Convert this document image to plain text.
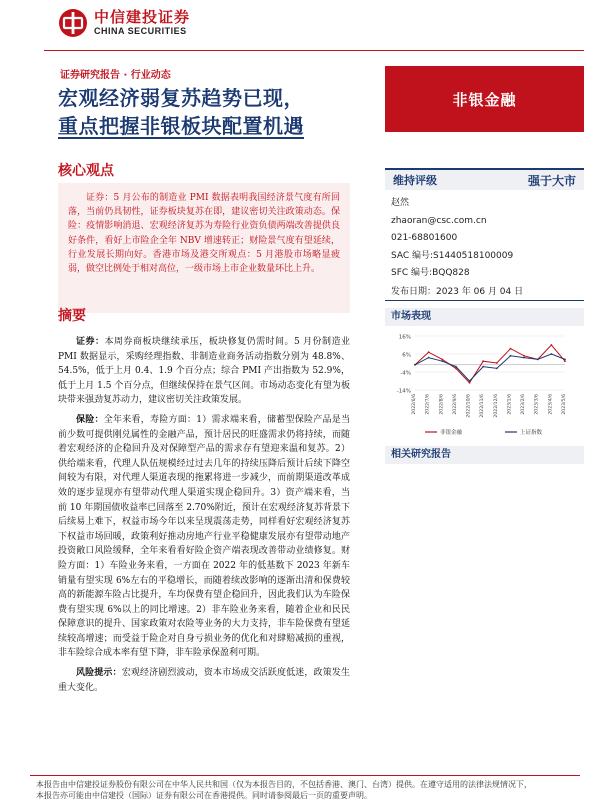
中信建投证券
CHINA SECURITIES
证券研究报告 · 行业动态
宏观经济弱复苏趋势已现，
重点把握非银板块配置机遇
非银金融
核心观点
证券：5 月公布的制造业 PMI 数据表明我国经济景气度有所回落，当前仍具韧性，证券板块复苏在即，建议密切关注政策动态。保险：疫情影响消退、宏观经济复苏为寿险行业资负债两端改善提供良好条件，看好上市险企全年 NBV 增速转正；财险景气度有望延续，行业发展长期向好。香港市场及港交所观点：5 月港股市场略显疲弱，做空比例处于相对高位，一级市场上市企业数量环比上升。
摘要

证券：本周券商板块继续承压，板块修复仍需时间。5 月份制造业 PMI 数据显示，采购经理指数、非制造业商务活动指数分别为 48.8%、54.5%，低于上月 0.4、1.9 个百分点；综合 PMI 产出指数为 52.9%，低于上月 1.5 个百分点，但继续保持在景气区间。市场动态变化有望为板块带来强劲复苏动力，建议密切关注政策发展。

保险：全年来看，寿险方面：1）需求端来看，储蓄型保险产品是当前少数可提供刚兑属性的金融产品，预计居民的旺盛需求仍将持续，而随着宏观经济的企稳回升及对保障型产品的需求存有望迎来温和复苏。2）供给端来看，代理人队伍规模经过过去几年的持续压降后预计后续下降空间较为有限，对代理人渠道表现的拖累将进一步减少，而前期渠道改革成效的逐步显现亦有望带动代理人渠道实现企稳回升。3）资产端来看，当前 10 年期国债收益率已回落至 2.70%附近，预计在宏观经济复苏背景下后续易上难下，权益市场今年以来呈现震荡走势，同样看好宏观经济复苏下权益市场回暖，政策利好推动房地产行业平稳健康发展亦有望带动地产投资敞口风险缓释，全年来看看好险企资产端表现改善带动业绩修复。财险方面：1）车险业务来看，一方面在 2022 年的低基数下 2023 年新车销量有望实现 6%左右的平稳增长，而随着续改影响的逐渐出清和保费较高的新能源车险占比提升，车均保费有望企稳回升，因此我们认为车险保费有望实现 6%以上的同比增速。2）非车险业务来看，随着企业和民民保障意识的提升、国家政策对农险等业务的大力支持，非车险保费有望延续较高增速；而受益于险企对自身亏损业务的优化和对肆赔减损的重视，非车险综合成本率有望下降，非车险承保盈利可期。

风险提示：宏观经济剧烈波动，资本市场成交活跃度低迷，政策发生重大变化。

维持评级	强于大市
赵然
zhaoran@csc.com.cn
021-68801600
SAC 编号:S1440518100009
SFC 编号:BQQ828
发布日期：2023 年 06 月 04 日
市场表现
16%
6%
-4%
-14%
2022/6/6 2022/7/6 2022/8/6 2022/9/6 2022/10/6 2022/11/6 2022/12/6 2023/1/6 2023/2/6 2023/3/6 2023/4/6 2023/5/6
非银金融	上证指数
相关研究报告
本报告由中信建投证券股份有限公司在中华人民共和国（仅为本报告目的，不包括香港、澳门、台湾）提供。在遵守适用的法律法规情况下，
本报告亦可能由中信建投（国际）证券有限公司在香港提供。同时请参阅最后一页的重要声明。
